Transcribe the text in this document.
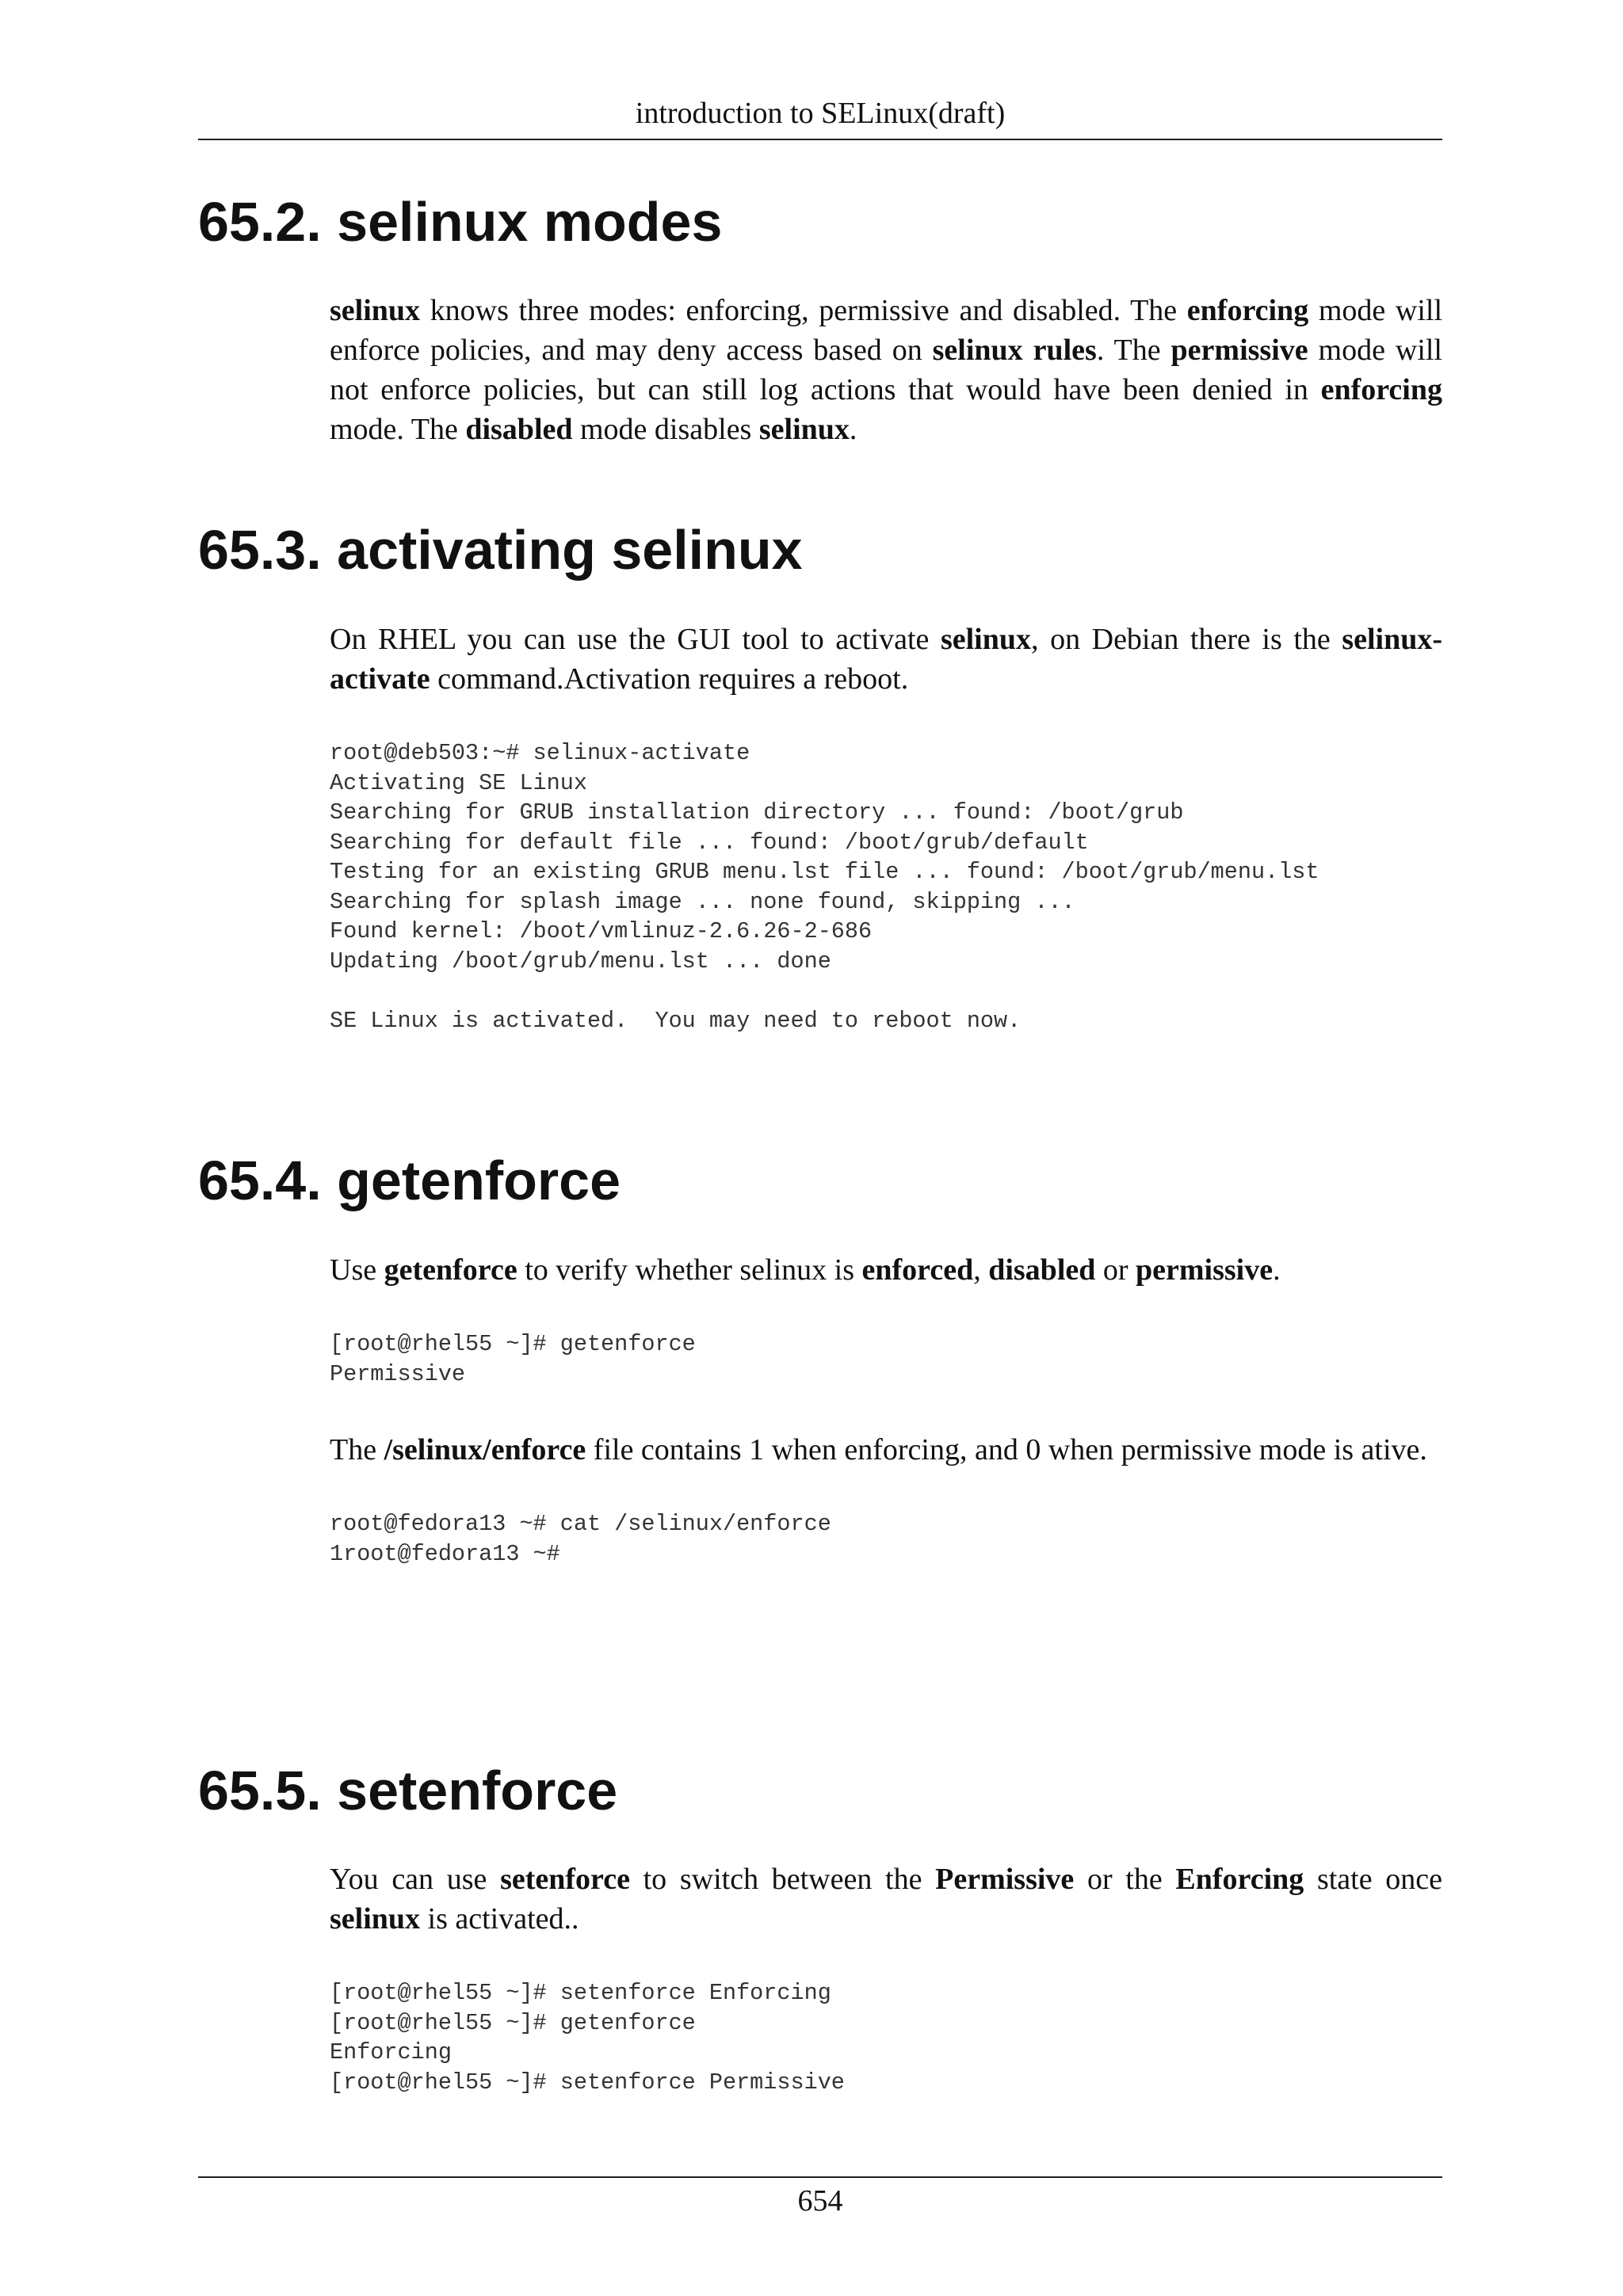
introduction to SELinux(draft)
65.2. selinux modes

selinux knows three modes: enforcing, permissive and disabled. The enforcing mode will enforce policies, and may deny access based on selinux rules. The permissive mode will not enforce policies, but can still log actions that would have been denied in enforcing mode. The disabled mode disables selinux.

65.3. activating selinux

On RHEL you can use the GUI tool to activate selinux, on Debian there is the selinux-activate command.Activation requires a reboot.

root@deb503:~# selinux-activate
Activating SE Linux
Searching for GRUB installation directory ... found: /boot/grub
Searching for default file ... found: /boot/grub/default
Testing for an existing GRUB menu.lst file ... found: /boot/grub/menu.lst
Searching for splash image ... none found, skipping ...
Found kernel: /boot/vmlinuz-2.6.26-2-686
Updating /boot/grub/menu.lst ... done
SE Linux is activated.  You may need to reboot now.
65.4. getenforce

Use getenforce to verify whether selinux is enforced, disabled or permissive.

[root@rhel55 ~]# getenforce
Permissive

The /selinux/enforce file contains 1 when enforcing, and 0 when permissive mode is ative.

root@fedora13 ~# cat /selinux/enforce
1root@fedora13 ~#
65.5. setenforce

You can use setenforce to switch between the Permissive or the Enforcing state once selinux is activated..

[root@rhel55 ~]# setenforce Enforcing
[root@rhel55 ~]# getenforce
Enforcing
[root@rhel55 ~]# setenforce Permissive
654
